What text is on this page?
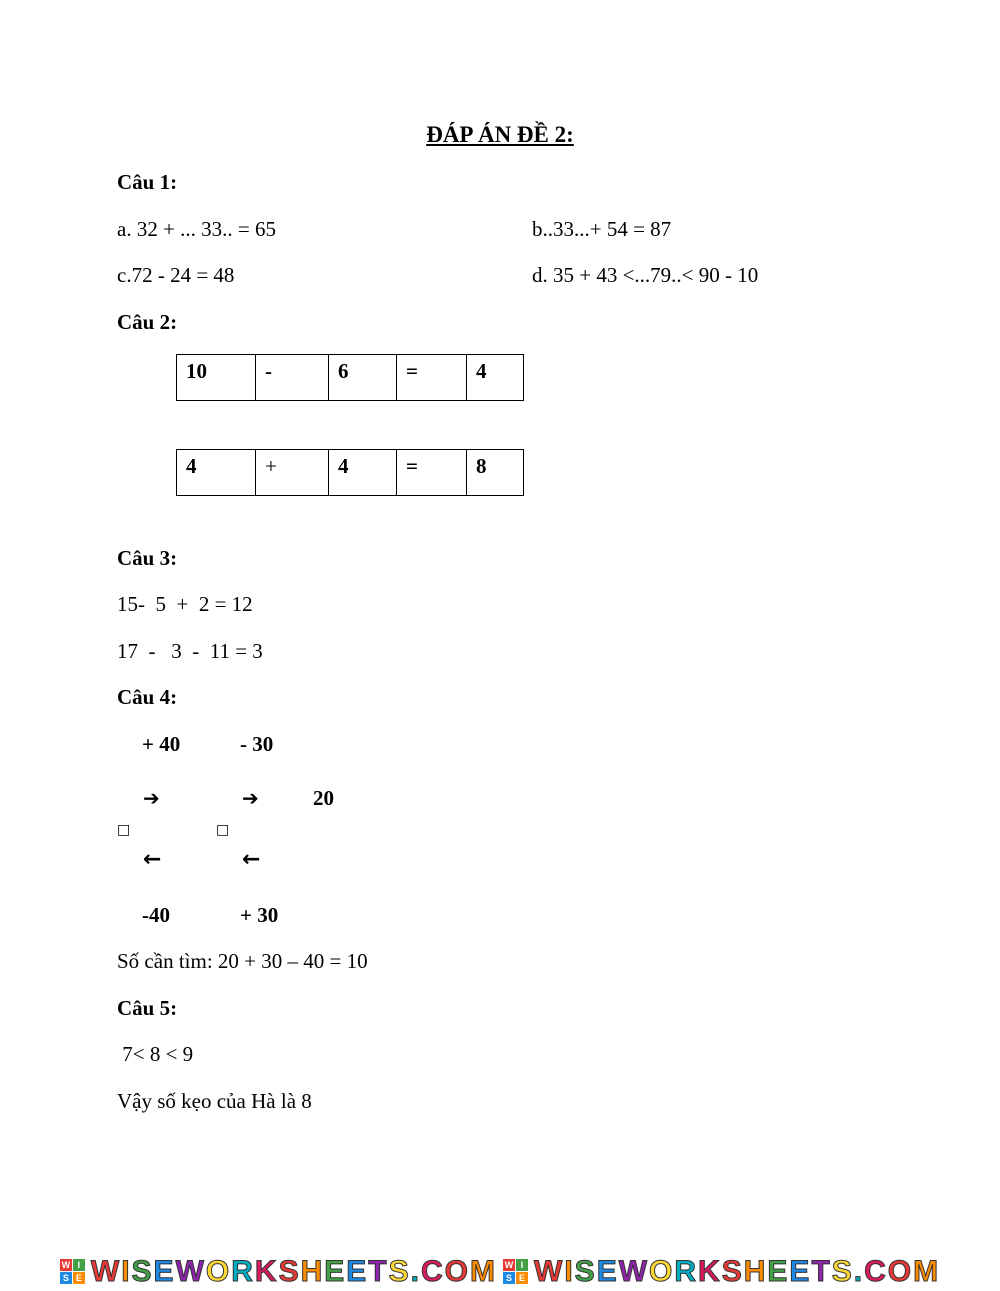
ĐÁP ÁN ĐỀ 2:
Câu 1:
a. 32 + ... 33.. = 65	b..33...+ 54 = 87
c.72 - 24 = 48	d. 35 + 43 <...79..< 90 - 10
Câu 2:
10	-	6	=	4
4	+	4	=	8
Câu 3:
15-  5  +  2 = 12
17  -   3  -  11 = 3
Câu 4:
+ 40	- 30
➔	➔	20
□	□
←	←
-40	+ 30
Số cần tìm: 20 + 30 – 40 = 10
Câu 5:
7< 8 < 9
Vậy số kẹo của Hà là 8
W I
S E WISEWORKSHEETS.COM W I
S E WISEWORKSHEETS.COM
